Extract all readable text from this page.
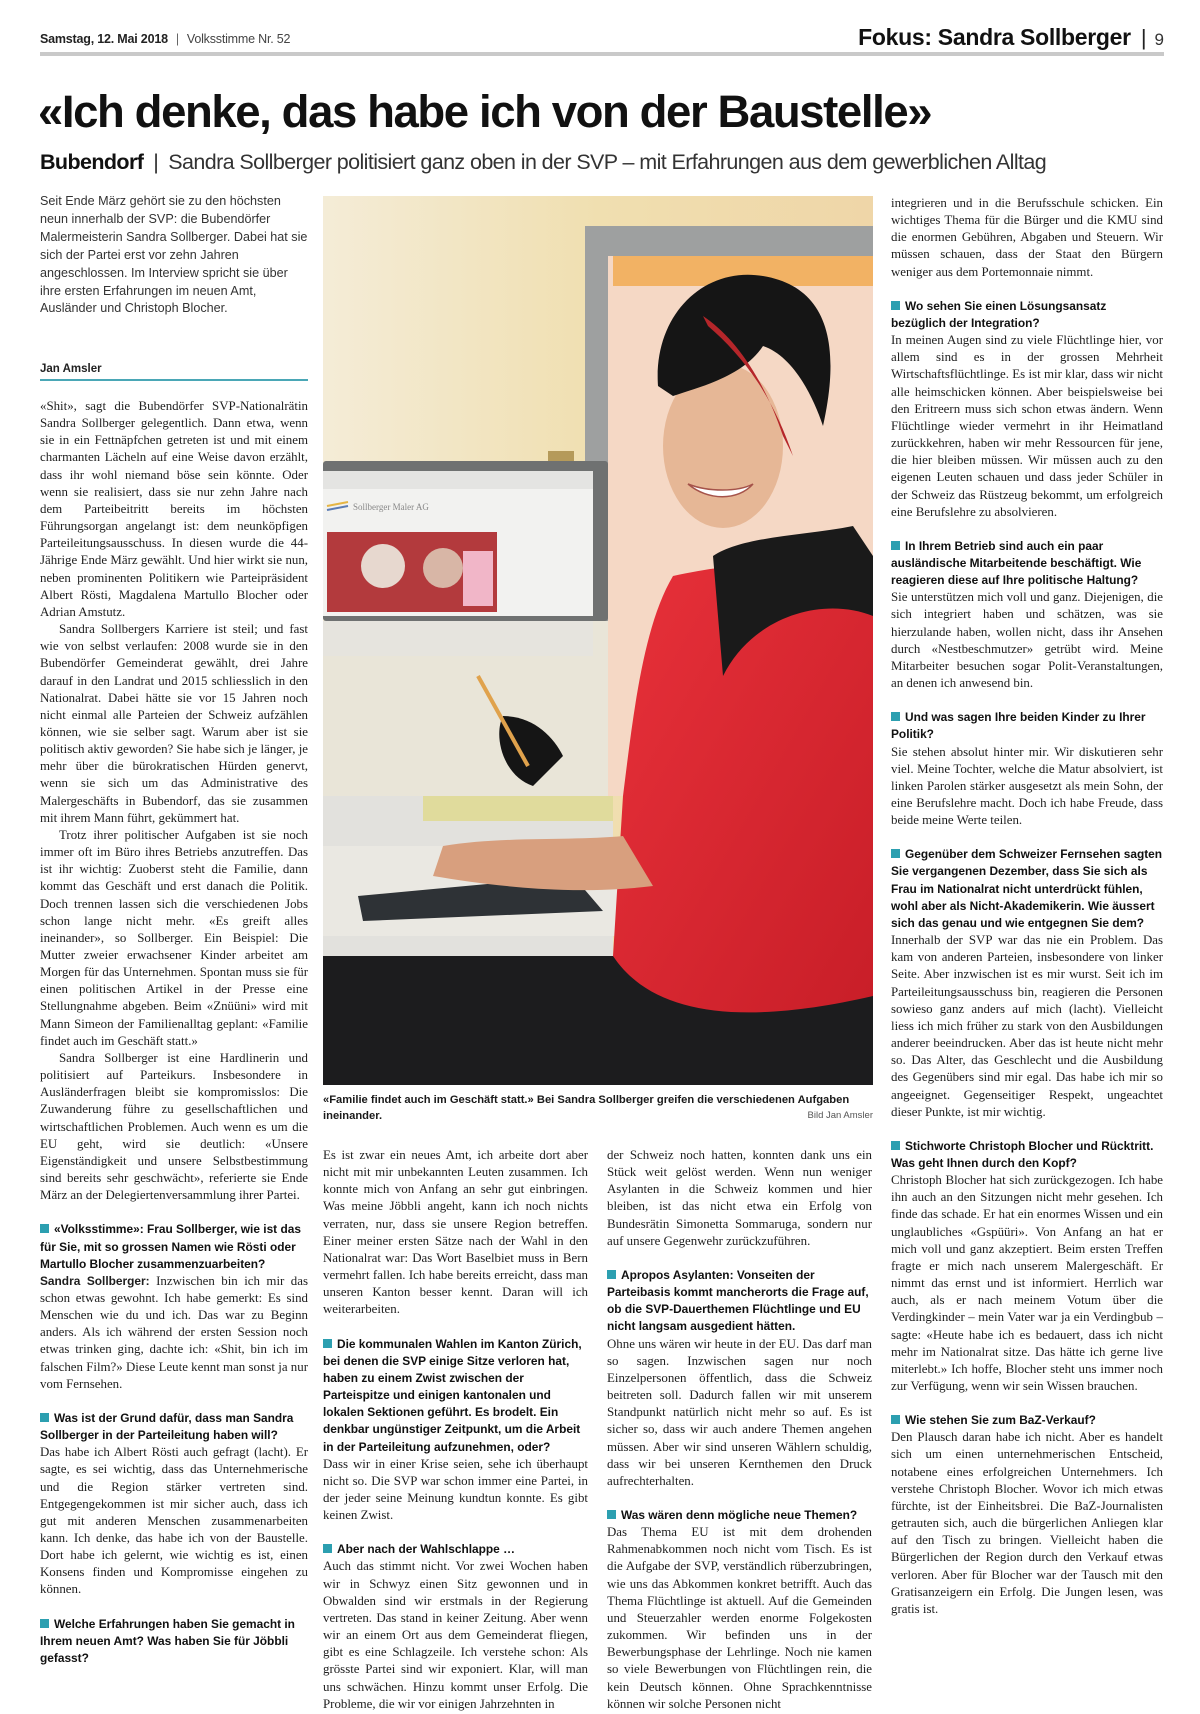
Samstag, 12. Mai 2018 | Volksstimme Nr. 52	Fokus: Sandra Sollberger | 9
«Ich denke, das habe ich von der Baustelle»
Bubendorf | Sandra Sollberger politisiert ganz oben in der SVP – mit Erfahrungen aus dem gewerblichen Alltag
Seit Ende März gehört sie zu den höchsten neun innerhalb der SVP: die Bubendörfer Malermeisterin Sandra Sollberger. Dabei hat sie sich der Partei erst vor zehn Jahren angeschlossen. Im Interview spricht sie über ihre ersten Erfahrungen im neuen Amt, Ausländer und Christoph Blocher.
Jan Amsler

«Shit», sagt die Bubendörfer SVP-Nationalrätin Sandra Sollberger gelegentlich. Dann etwa, wenn sie in ein Fettnäpfchen getreten ist und mit einem charmanten Lächeln auf eine Weise davon erzählt, dass ihr wohl niemand böse sein könnte. Oder wenn sie realisiert, dass sie nur zehn Jahre nach dem Parteibeitritt bereits im höchsten Führungsorgan angelangt ist: dem neunköpfigen Parteileitungsausschuss. In diesen wurde die 44-Jährige Ende März gewählt. Und hier wirkt sie nun, neben prominenten Politikern wie Parteipräsident Albert Rösti, Magdalena Martullo Blocher oder Adrian Amstutz.

Sandra Sollbergers Karriere ist steil; und fast wie von selbst verlaufen: 2008 wurde sie in den Bubendörfer Gemeinderat gewählt, drei Jahre darauf in den Landrat und 2015 schliesslich in den Nationalrat. Dabei hätte sie vor 15 Jahren noch nicht einmal alle Parteien der Schweiz aufzählen können, wie sie selber sagt. Warum aber ist sie politisch aktiv geworden? Sie habe sich je länger, je mehr über die bürokratischen Hürden genervt, wenn sie sich um das Administrative des Malergeschäfts in Bubendorf, das sie zusammen mit ihrem Mann führt, gekümmert hat.

Trotz ihrer politischer Aufgaben ist sie noch immer oft im Büro ihres Betriebs anzutreffen. Das ist ihr wichtig: Zuoberst steht die Familie, dann kommt das Geschäft und erst danach die Politik. Doch trennen lassen sich die verschiedenen Jobs schon lange nicht mehr. «Es greift alles ineinander», so Sollberger. Ein Beispiel: Die Mutter zweier erwachsener Kinder arbeitet am Morgen für das Unternehmen. Spontan muss sie für einen politischen Artikel in der Presse eine Stellungnahme abgeben. Beim «Znüüni» wird mit Mann Simeon der Familienalltag geplant: «Familie findet auch im Geschäft statt.»

Sandra Sollberger ist eine Hardlinerin und politisiert auf Parteikurs. Insbesondere in Ausländerfragen bleibt sie kompromisslos: Die Zuwanderung führe zu gesellschaftlichen und wirtschaftlichen Problemen. Auch wenn es um die EU geht, wird sie deutlich: «Unsere Eigenständigkeit und unsere Selbstbestimmung sind bereits sehr geschwächt», referierte sie Ende März an der Delegiertenversammlung ihrer Partei.

«Volksstimme»: Frau Sollberger, wie ist das für Sie, mit so grossen Namen wie Rösti oder Martullo Blocher zusammenzuarbeiten?

Sandra Sollberger: Inzwischen bin ich mir das schon etwas gewohnt. Ich habe gemerkt: Es sind Menschen wie du und ich. Das war zu Beginn anders. Als ich während der ersten Session noch etwas trinken ging, dachte ich: «Shit, bin ich im falschen Film?» Diese Leute kennt man sonst ja nur vom Fernsehen.

Was ist der Grund dafür, dass man Sandra Sollberger in der Parteileitung haben will?

Das habe ich Albert Rösti auch gefragt (lacht). Er sagte, es sei wichtig, dass das Unternehmerische und die Region stärker vertreten sind. Entgegengekommen ist mir sicher auch, dass ich gut mit anderen Menschen zusammenarbeiten kann. Ich denke, das habe ich von der Baustelle. Dort habe ich gelernt, wie wichtig es ist, einen Konsens finden und Kompromisse eingehen zu können.

Welche Erfahrungen haben Sie gemacht in Ihrem neuen Amt? Was haben Sie für Jöbbli gefasst?
Sollberger Maler AG
«Familie findet auch im Geschäft statt.» Bei Sandra Sollberger greifen die verschiedenen Aufgaben ineinander.	Bild Jan Amsler

Es ist zwar ein neues Amt, ich arbeite dort aber nicht mit mir unbekannten Leuten zusammen. Ich konnte mich von Anfang an sehr gut einbringen. Was meine Jöbbli angeht, kann ich noch nichts verraten, nur, dass sie unsere Region betreffen. Einer meiner ersten Sätze nach der Wahl in den Nationalrat war: Das Wort Baselbiet muss in Bern vermehrt fallen. Ich habe bereits erreicht, dass man unseren Kanton besser kennt. Daran will ich weiterarbeiten.

Die kommunalen Wahlen im Kanton Zürich, bei denen die SVP einige Sitze verloren hat, haben zu einem Zwist zwischen der Parteispitze und einigen kantonalen und lokalen Sektionen geführt. Es brodelt. Ein denkbar ungünstiger Zeitpunkt, um die Arbeit in der Parteileitung aufzunehmen, oder?

Dass wir in einer Krise seien, sehe ich überhaupt nicht so. Die SVP war schon immer eine Partei, in der jeder seine Meinung kundtun konnte. Es gibt keinen Zwist.

Aber nach der Wahlschlappe …

Auch das stimmt nicht. Vor zwei Wochen haben wir in Schwyz einen Sitz gewonnen und in Obwalden sind wir erstmals in der Regierung vertreten. Das stand in keiner Zeitung. Aber wenn wir an einem Ort aus dem Gemeinderat fliegen, gibt es eine Schlagzeile. Ich verstehe schon: Als grösste Partei sind wir exponiert. Klar, will man uns schwächen. Hinzu kommt unser Erfolg. Die Probleme, die wir vor einigen Jahrzehnten in

der Schweiz noch hatten, konnten dank uns ein Stück weit gelöst werden. Wenn nun weniger Asylanten in die Schweiz kommen und hier bleiben, ist das nicht etwa ein Erfolg von Bundesrätin Simonetta Sommaruga, sondern nur auf unsere Gegenwehr zurückzuführen.

Apropos Asylanten: Vonseiten der Parteibasis kommt mancherorts die Frage auf, ob die SVP-Dauerthemen Flüchtlinge und EU nicht langsam ausgedient hätten.

Ohne uns wären wir heute in der EU. Das darf man so sagen. Inzwischen sagen nur noch Einzelpersonen öffentlich, dass die Schweiz beitreten soll. Dadurch fallen wir mit unserem Standpunkt natürlich nicht mehr so auf. Es ist sicher so, dass wir auch andere Themen angehen müssen. Aber wir sind unseren Wählern schuldig, dass wir bei unseren Kernthemen den Druck aufrechterhalten.

Was wären denn mögliche neue Themen?

Das Thema EU ist mit dem drohenden Rahmenabkommen noch nicht vom Tisch. Es ist die Aufgabe der SVP, verständlich rüberzubringen, wie uns das Abkommen konkret betrifft. Auch das Thema Flüchtlinge ist aktuell. Auf die Gemeinden und Steuerzahler werden enorme Folgekosten zukommen. Wir befinden uns in der Bewerbungsphase der Lehrlinge. Noch nie kamen so viele Bewerbungen von Flüchtlingen rein, die kein Deutsch können. Ohne Sprachkenntnisse können wir solche Personen nicht

integrieren und in die Berufsschule schicken. Ein wichtiges Thema für die Bürger und die KMU sind die enormen Gebühren, Abgaben und Steuern. Wir müssen schauen, dass der Staat den Bürgern weniger aus dem Portemonnaie nimmt.

Wo sehen Sie einen Lösungsansatz bezüglich der Integration?

In meinen Augen sind zu viele Flüchtlinge hier, vor allem sind es in der grossen Mehrheit Wirtschaftsflüchtlinge. Es ist mir klar, dass wir nicht alle heimschicken können. Aber beispielsweise bei den Eritreern muss sich schon etwas ändern. Wenn Flüchtlinge wieder vermehrt in ihr Heimatland zurückkehren, haben wir mehr Ressourcen für jene, die hier bleiben müssen. Wir müssen auch zu den eigenen Leuten schauen und dass jeder Schüler in der Schweiz das Rüstzeug bekommt, um erfolgreich eine Berufslehre zu absolvieren.

In Ihrem Betrieb sind auch ein paar ausländische Mitarbeitende beschäftigt. Wie reagieren diese auf Ihre politische Haltung?

Sie unterstützen mich voll und ganz. Diejenigen, die sich integriert haben und schätzen, was sie hierzulande haben, wollen nicht, dass ihr Ansehen durch «Nestbeschmutzer» getrübt wird. Meine Mitarbeiter besuchen sogar Polit-Veranstaltungen, an denen ich anwesend bin.

Und was sagen Ihre beiden Kinder zu Ihrer Politik?

Sie stehen absolut hinter mir. Wir diskutieren sehr viel. Meine Tochter, welche die Matur absolviert, ist linken Parolen stärker ausgesetzt als mein Sohn, der eine Berufslehre macht. Doch ich habe Freude, dass beide meine Werte teilen.

Gegenüber dem Schweizer Fernsehen sagten Sie vergangenen Dezember, dass Sie sich als Frau im Nationalrat nicht unterdrückt fühlen, wohl aber als Nicht-Akademikerin. Wie äussert sich das genau und wie entgegnen Sie dem?

Innerhalb der SVP war das nie ein Problem. Das kam von anderen Parteien, insbesondere von linker Seite. Aber inzwischen ist es mir wurst. Seit ich im Parteileitungsausschuss bin, reagieren die Personen sowieso ganz anders auf mich (lacht). Vielleicht liess ich mich früher zu stark von den Ausbildungen anderer beeindrucken. Aber das ist heute nicht mehr so. Das Alter, das Geschlecht und die Ausbildung des Gegenübers sind mir egal. Das habe ich mir so angeeignet. Gegenseitiger Respekt, ungeachtet dieser Punkte, ist mir wichtig.

Stichworte Christoph Blocher und Rücktritt. Was geht Ihnen durch den Kopf?

Christoph Blocher hat sich zurückgezogen. Ich habe ihn auch an den Sitzungen nicht mehr gesehen. Ich finde das schade. Er hat ein enormes Wissen und ein unglaubliches «Gspüüri». Von Anfang an hat er mich voll und ganz akzeptiert. Beim ersten Treffen fragte er mich nach unserem Malergeschäft. Er nimmt das ernst und ist informiert. Herrlich war auch, als er nach meinem Votum über die Verdingkinder – mein Vater war ja ein Verdingbub – sagte: «Heute habe ich es bedauert, dass ich nicht mehr im Nationalrat sitze. Das hätte ich gerne live miterlebt.» Ich hoffe, Blocher steht uns immer noch zur Verfügung, wenn wir sein Wissen brauchen.

Wie stehen Sie zum BaZ-Verkauf?

Den Plausch daran habe ich nicht. Aber es handelt sich um einen unternehmerischen Entscheid, notabene eines erfolgreichen Unternehmers. Ich verstehe Christoph Blocher. Wovor ich mich etwas fürchte, ist der Einheitsbrei. Die BaZ-Journalisten getrauten sich, auch die bürgerlichen Anliegen klar auf den Tisch zu bringen. Vielleicht haben die Bürgerlichen der Region durch den Verkauf etwas verloren. Aber für Blocher war der Tausch mit den Gratisanzeigern ein Erfolg. Die Jungen lesen, was gratis ist.
